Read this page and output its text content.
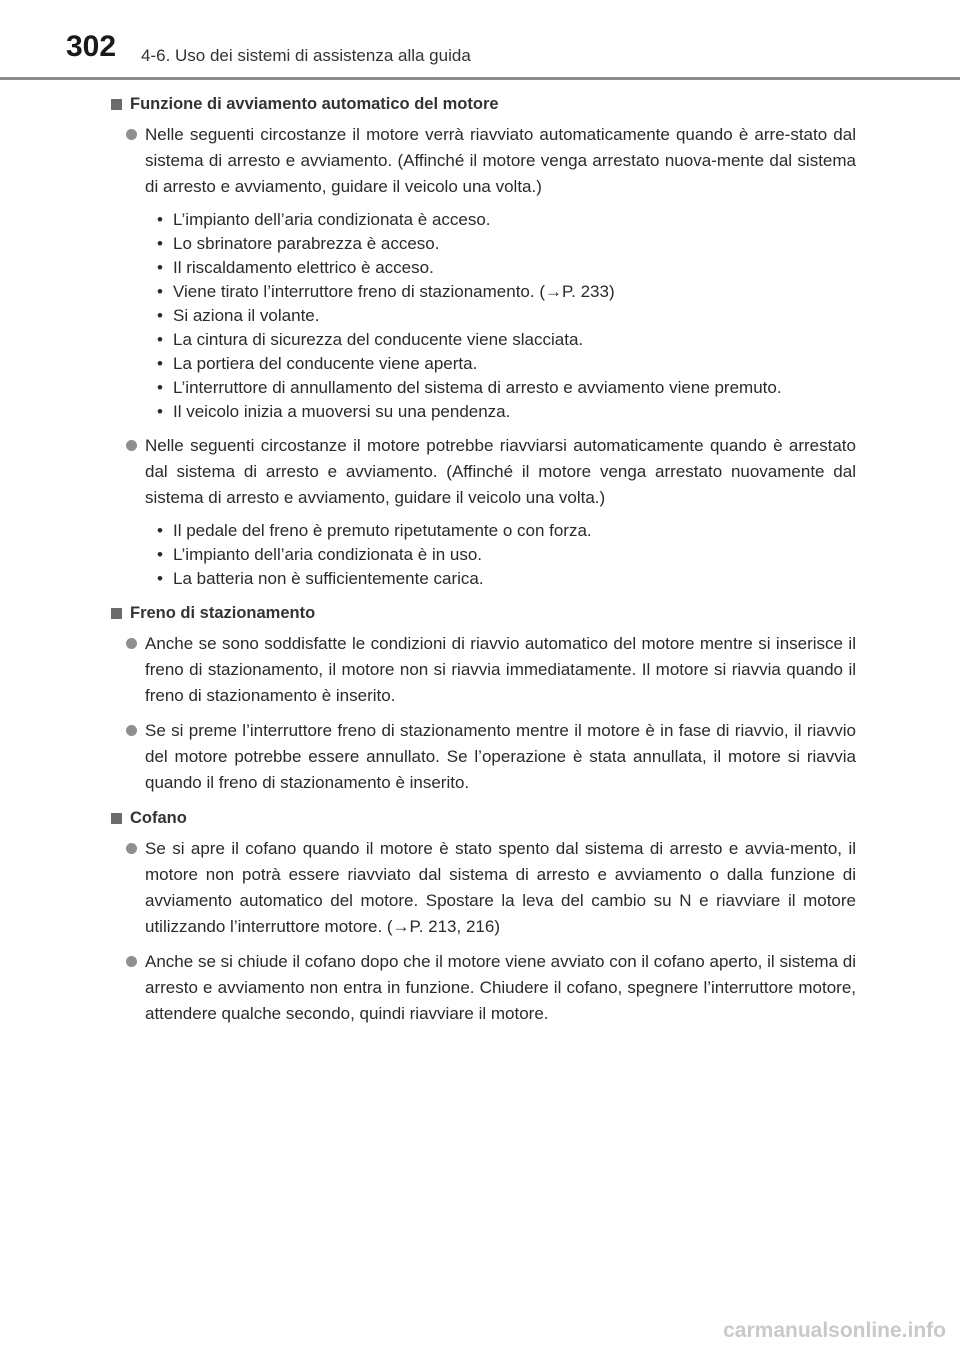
302 4-6. Uso dei sistemi di assistenza alla guida
Funzione di avviamento automatico del motore

Nelle seguenti circostanze il motore verrà riavviato automaticamente quando è arre-stato dal sistema di arresto e avviamento. (Affinché il motore venga arrestato nuova-mente dal sistema di arresto e avviamento, guidare il veicolo una volta.)

• L’impianto dell’aria condizionata è acceso.
• Lo sbrinatore parabrezza è acceso.
• Il riscaldamento elettrico è acceso.
• Viene tirato l’interruttore freno di stazionamento. (→P. 233)
• Si aziona il volante.
• La cintura di sicurezza del conducente viene slacciata.
• La portiera del conducente viene aperta.
• L’interruttore di annullamento del sistema di arresto e avviamento viene premuto.
• Il veicolo inizia a muoversi su una pendenza.

Nelle seguenti circostanze il motore potrebbe riavviarsi automaticamente quando è arrestato dal sistema di arresto e avviamento. (Affinché il motore venga arrestato nuovamente dal sistema di arresto e avviamento, guidare il veicolo una volta.)

• Il pedale del freno è premuto ripetutamente o con forza.
• L’impianto dell’aria condizionata è in uso.
• La batteria non è sufficientemente carica.
Freno di stazionamento

Anche se sono soddisfatte le condizioni di riavvio automatico del motore mentre si inserisce il freno di stazionamento, il motore non si riavvia immediatamente. Il motore si riavvia quando il freno di stazionamento è inserito.

Se si preme l’interruttore freno di stazionamento mentre il motore è in fase di riavvio, il riavvio del motore potrebbe essere annullato. Se l’operazione è stata annullata, il motore si riavvia quando il freno di stazionamento è inserito.

Cofano

Se si apre il cofano quando il motore è stato spento dal sistema di arresto e avvia-mento, il motore non potrà essere riavviato dal sistema di arresto e avviamento o dalla funzione di avviamento automatico del motore. Spostare la leva del cambio su N e riavviare il motore utilizzando l’interruttore motore. (→P. 213, 216)

Anche se si chiude il cofano dopo che il motore viene avviato con il cofano aperto, il sistema di arresto e avviamento non entra in funzione. Chiudere il cofano, spegnere l’interruttore motore, attendere qualche secondo, quindi riavviare il motore.

carmanualsonline.info
